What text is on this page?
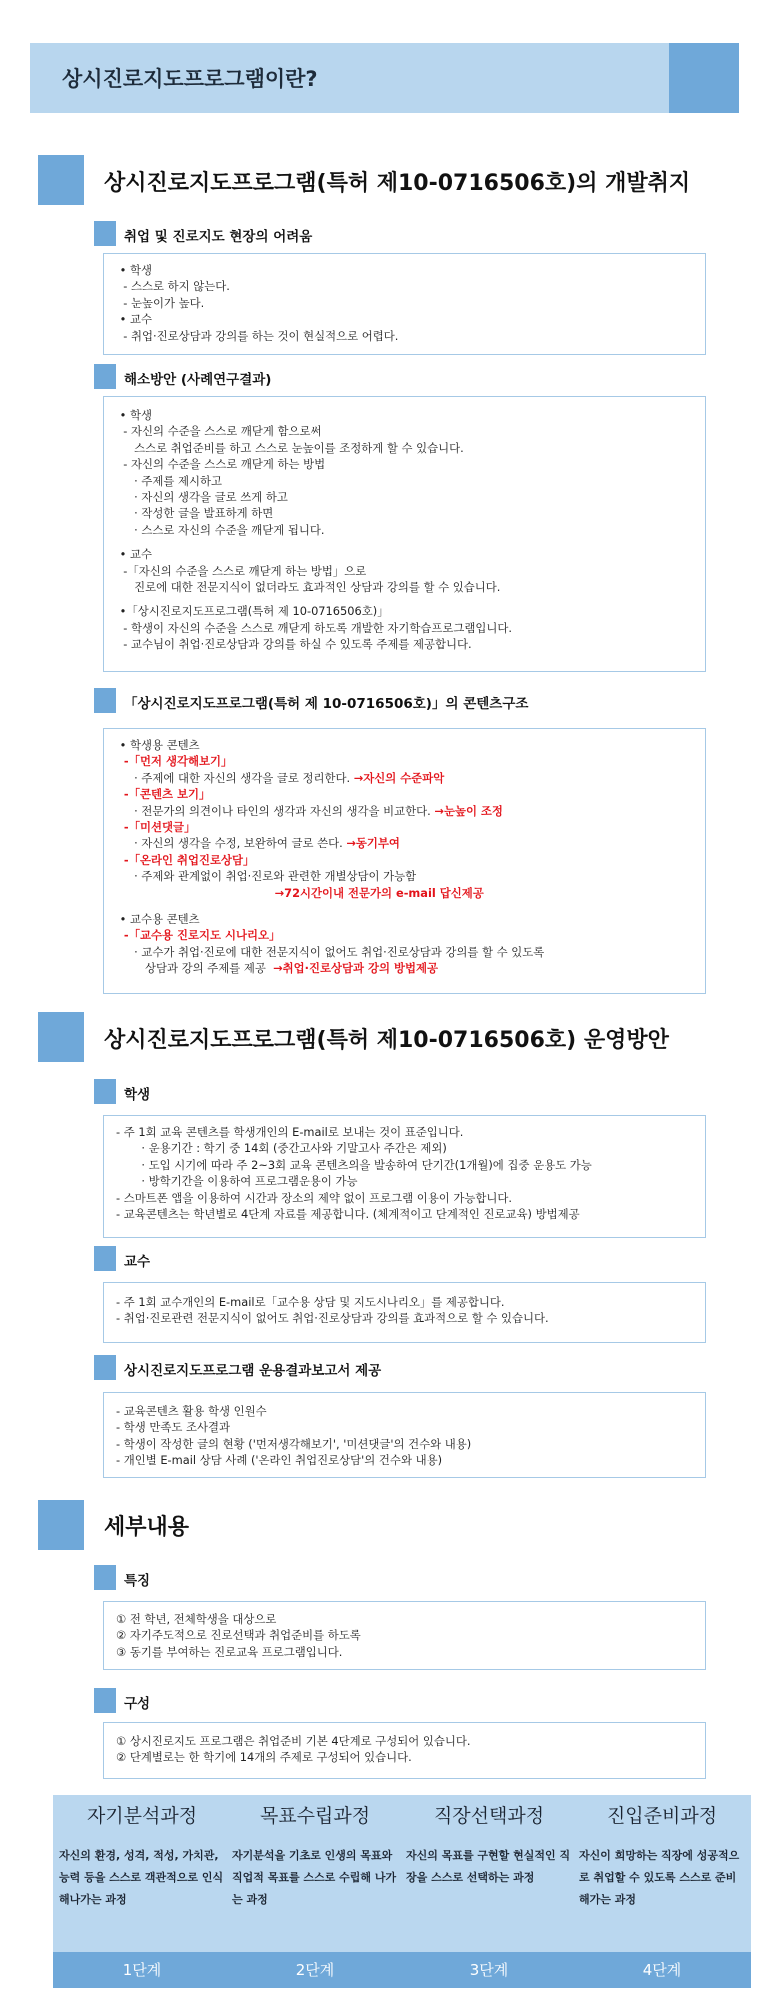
상시진로지도프로그램이란?
상시진로지도프로그램(특허 제10-0716506호)의 개발취지
취업 및 진로지도 현장의 어려움
• 학생
- 스스로 하지 않는다.
- 눈높이가 높다.
• 교수
- 취업·진로상담과 강의를 하는 것이 현실적으로 어렵다.
해소방안 (사례연구결과)
• 학생
- 자신의 수준을 스스로 깨닫게 함으로써
스스로 취업준비를 하고 스스로 눈높이를 조정하게 할 수 있습니다.
- 자신의 수준을 스스로 깨닫게 하는 방법
· 주제를 제시하고
· 자신의 생각을 글로 쓰게 하고
· 작성한 글을 발표하게 하면
· 스스로 자신의 수준을 깨닫게 됩니다.
• 교수
-「자신의 수준을 스스로 깨닫게 하는 방법」으로
진로에 대한 전문지식이 없더라도 효과적인 상담과 강의를 할 수 있습니다.
•「상시진로지도프로그램(특허 제 10-0716506호)」
- 학생이 자신의 수준을 스스로 깨닫게 하도록 개발한 자기학습프로그램입니다.
- 교수님이 취업·진로상담과 강의를 하실 수 있도록 주제를 제공합니다.
「상시진로지도프로그램(특허 제 10-0716506호)」의 콘텐츠구조
• 학생용 콘텐츠
-「먼저 생각해보기」
· 주제에 대한 자신의 생각을 글로 정리한다. →자신의 수준파악
-「콘텐츠 보기」
· 전문가의 의견이나 타인의 생각과 자신의 생각을 비교한다. →눈높이 조정
-「미션댓글」
· 자신의 생각을 수정, 보완하여 글로 쓴다. →동기부여
-「온라인 취업진로상담」
· 주제와 관계없이 취업·진로와 관련한 개별상담이 가능함
→72시간이내 전문가의 e-mail 답신제공
• 교수용 콘텐츠
-「교수용 진로지도 시나리오」
· 교수가 취업·진로에 대한 전문지식이 없어도 취업·진로상담과 강의를 할 수 있도록
상담과 강의 주제를 제공  →취업·진로상담과 강의 방법제공
상시진로지도프로그램(특허 제10-0716506호) 운영방안
학생
- 주 1회 교육 콘텐츠를 학생개인의 E-mail로 보내는 것이 표준입니다.
· 운용기간 : 학기 중 14회 (중간고사와 기말고사 주간은 제외)
· 도입 시기에 따라 주 2~3회 교육 콘텐츠의을 발송하여 단기간(1개월)에 집중 운용도 가능
· 방학기간을 이용하여 프로그램운용이 가능
- 스마트폰 앱을 이용하여 시간과 장소의 제약 없이 프로그램 이용이 가능합니다.
- 교육콘텐츠는 학년별로 4단계 자료를 제공합니다. (체계적이고 단계적인 진로교육) 방법제공
교수
- 주 1회 교수개인의 E-mail로「교수용 상담 및 지도시나리오」를 제공합니다.
- 취업·진로관련 전문지식이 없어도 취업·진로상담과 강의를 효과적으로 할 수 있습니다.
상시진로지도프로그램 운용결과보고서 제공
- 교육콘텐츠 활용 학생 인원수
- 학생 만족도 조사결과
- 학생이 작성한 글의 현황 ('먼저생각해보기', '미션댓글'의 건수와 내용)
- 개인별 E-mail 상담 사례 ('온라인 취업진로상담'의 건수와 내용)
세부내용
특징
① 전 학년, 전체학생을 대상으로
② 자기주도적으로 진로선택과 취업준비를 하도록
③ 동기를 부여하는 진로교육 프로그램입니다.
구성
① 상시진로지도 프로그램은 취업준비 기본 4단계로 구성되어 있습니다.
② 단계별로는 한 학기에 14개의 주제로 구성되어 있습니다.
자기분석과정
자신의 환경, 성격, 적성, 가치관, 능력 등을 스스로 객관적으로 인식해나가는 과정
1단계
목표수립과정
자기분석을 기초로 인생의 목표와 직업적 목표를 스스로 수립해 나가는 과정
2단계
직장선택과정
자신의 목표를 구현할 현실적인 직장을 스스로 선택하는 과정
3단계
진입준비과정
자신이 희망하는 직장에 성공적으로 취업할 수 있도록 스스로 준비해가는 과정
4단계
